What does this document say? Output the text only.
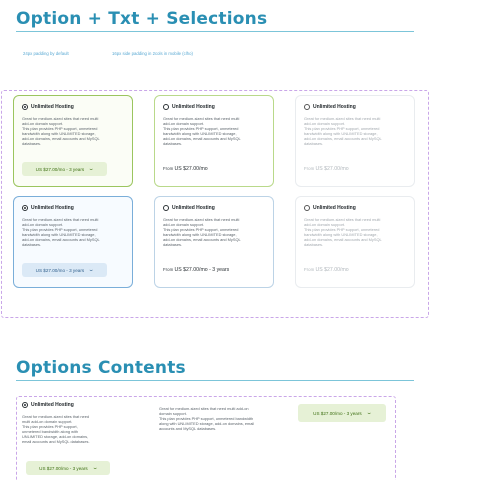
Option + Txt + Selections
24px padding by default	16px side padding in 2cols in mobile (clho)
Unlimited Hosting
Great for medium-sized sites that need multi
add-on domain support.
This plan provides PHP support, unmetered
bandwidth along with UNLIMITED storage,
add-on domains, email accounts and MySQL
databases.
US $27.00/mo - 3 years ⌄
Unlimited Hosting
Great for medium-sized sites that need multi
add-on domain support.
This plan provides PHP support, unmetered
bandwidth along with UNLIMITED storage,
add-on domains, email accounts and MySQL
databases.
From US $27.00/mo
Unlimited Hosting
Great for medium-sized sites that need multi
add-on domain support.
This plan provides PHP support, unmetered
bandwidth along with UNLIMITED storage,
add-on domains, email accounts and MySQL
databases.
From US $27.00/mo
Unlimited Hosting
Great for medium-sized sites that need multi
add-on domain support.
This plan provides PHP support, unmetered
bandwidth along with UNLIMITED storage,
add-on domains, email accounts and MySQL
databases.
US $27.00/mo - 3 years ⌄
Unlimited Hosting
Great for medium-sized sites that need multi
add-on domain support.
This plan provides PHP support, unmetered
bandwidth along with UNLIMITED storage,
add-on domains, email accounts and MySQL
databases.
From US $27.00/mo - 3 years
Unlimited Hosting
Great for medium-sized sites that need multi
add-on domain support.
This plan provides PHP support, unmetered
bandwidth along with UNLIMITED storage,
add-on domains, email accounts and MySQL
databases.
From US $27.00/mo
Options Contents
Unlimited Hosting
Great for medium-sized sites that need
multi add-on domain support.
This plan provides PHP support,
unmetered bandwidth along with
UNLIMITED storage, add-on domains,
email accounts and MySQL databases.
US $27.00/mo - 3 years ⌄
Great for medium-sized sites that need multi add-on
domain support.
This plan provides PHP support, unmetered bandwidth
along with UNLIMITED storage, add-on domains, email
accounts and MySQL databases.
US $27.00/mo - 3 years ⌄
